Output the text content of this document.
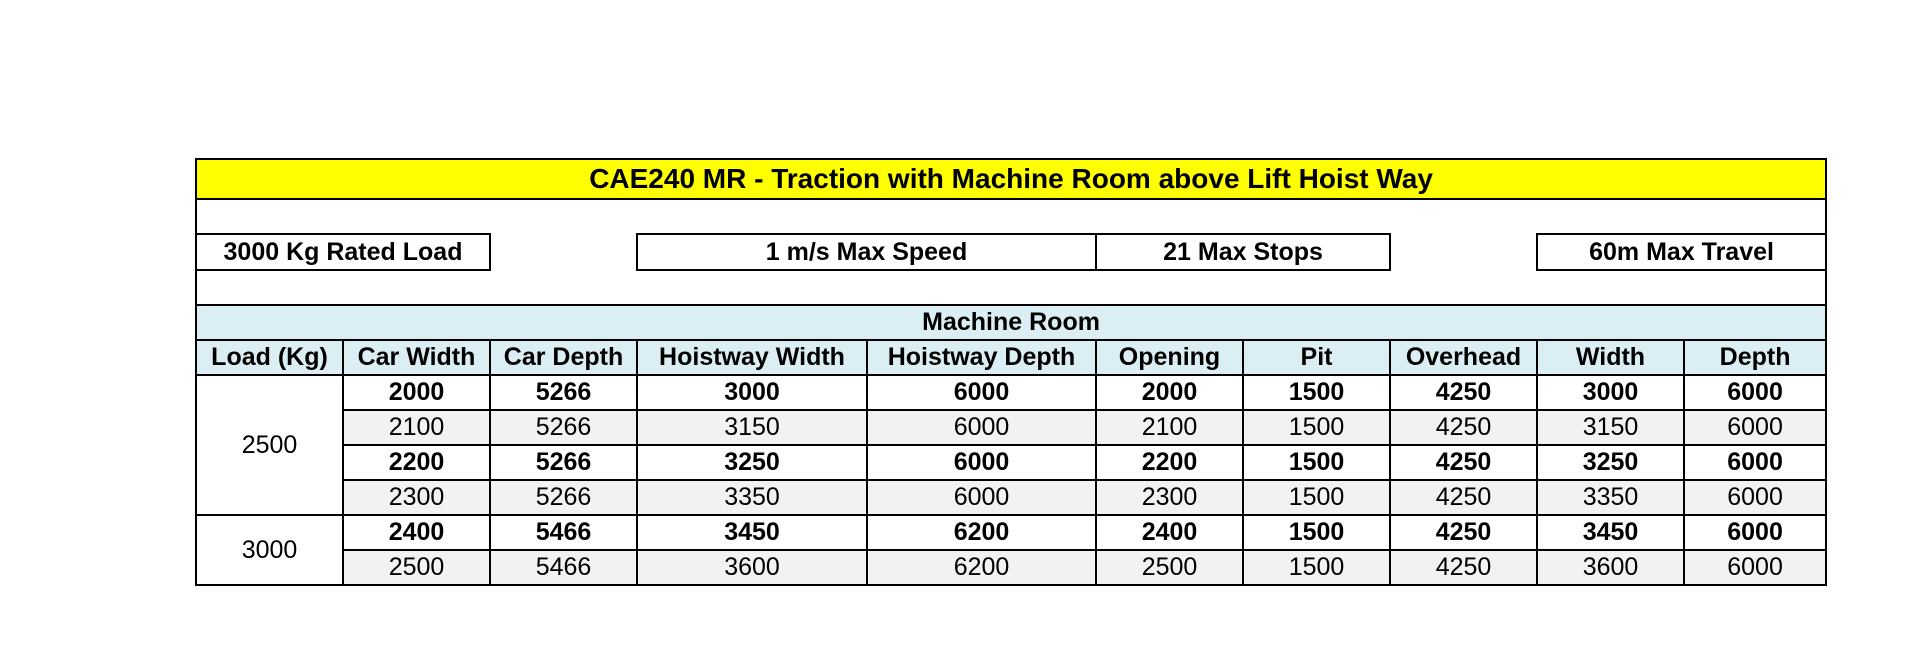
CAE240 MR - Traction with Machine Room above Lift Hoist Way									

3000 Kg Rated Load			1 m/s Max Speed		21 Max Stops			60m Max Travel	

Machine Room									
Load (Kg)	Car Width	Car Depth	Hoistway Width	Hoistway Depth	Opening	Pit	Overhead	Width	Depth
2500	2000	5266	3000	6000	2000	1500	4250	3000	6000
	2100	5266	3150	6000	2100	1500	4250	3150	6000
	2200	5266	3250	6000	2200	1500	4250	3250	6000
	2300	5266	3350	6000	2300	1500	4250	3350	6000
3000	2400	5466	3450	6200	2400	1500	4250	3450	6000
	2500	5466	3600	6200	2500	1500	4250	3600	6000
